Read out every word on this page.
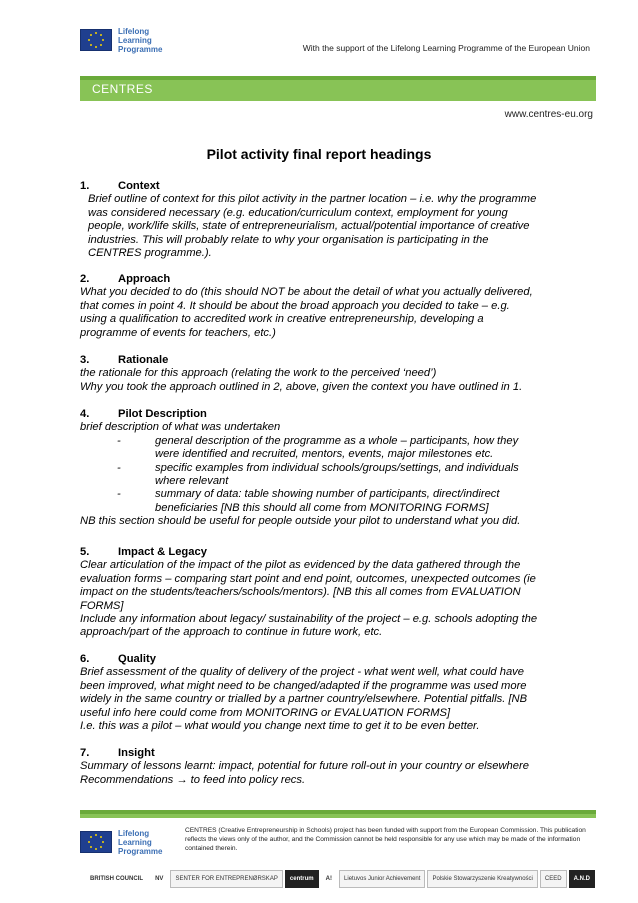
Lifelong
Learning
Programme	With the support of the Lifelong Learning Programme of the European Union
CENTRES
www.centres-eu.org
Pilot activity final report headings
1.	Context
Brief outline of context for this pilot activity in the partner location – i.e. why the programme
was considered necessary (e.g. education/curriculum context, employment for young
people, work/life skills, state of entrepreneurialism, actual/potential importance of creative
industries. This will probably relate to why your organisation is participating in the
CENTRES programme.).
2.	Approach
What you decided to do (this should NOT be about the detail of what you actually delivered,
that comes in point 4. It should be about the broad approach you decided to take – e.g.
using a qualification to accredited work in creative entrepreneurship, developing a
programme of events for teachers, etc.)
3.	Rationale
the rationale for this approach (relating the work to the perceived ‘need’)
Why you took the approach outlined in 2, above, given the context you have outlined in 1.
4.	Pilot Description
brief description of what was undertaken
-	general description of the programme as a whole – participants, how they
were identified and recruited, mentors, events, major milestones etc.
-	specific examples from individual schools/groups/settings, and individuals
where relevant
-	summary of data: table showing number of participants, direct/indirect
beneficiaries [NB this should all come from MONITORING FORMS]
NB this section should be useful for people outside your pilot to understand what you did.
5.	Impact & Legacy
Clear articulation of the impact of the pilot as evidenced by the data gathered through the
evaluation forms – comparing start point and end point, outcomes, unexpected outcomes (ie
impact on the students/teachers/schools/mentors). [NB this all comes from EVALUATION
FORMS]
Include any information about legacy/ sustainability of the project – e.g. schools adopting the
approach/part of the approach to continue in future work, etc.
6.	Quality
Brief assessment of the quality of delivery of the project - what went well, what could have
been improved, what might need to be changed/adapted if the programme was used more
widely in the same country or trialled by a partner country/elsewhere. Potential pitfalls. [NB
useful info here could come from MONITORING or EVALUATION FORMS]
I.e. this was a pilot – what would you change next time to get it to be even better.
7.	Insight
Summary of lessons learnt: impact, potential for future roll-out in your country or elsewhere
Recommendations → to feed into policy recs.
Lifelong
Learning
Programme
CENTRES (Creative Entrepreneurship in Schools) project has been funded with support from the European Commission. This publication reflects the views only of the author, and the Commission cannot be held responsible for any use which may be made of the information contained therein.
BRITISH COUNCIL	NV	SENTER FOR ENTREPRENØRSKAP	centrum	A!	Lietuvos Junior Achievement	Polskie Stowarzyszenie Kreatywności	CEED	A.N.D
